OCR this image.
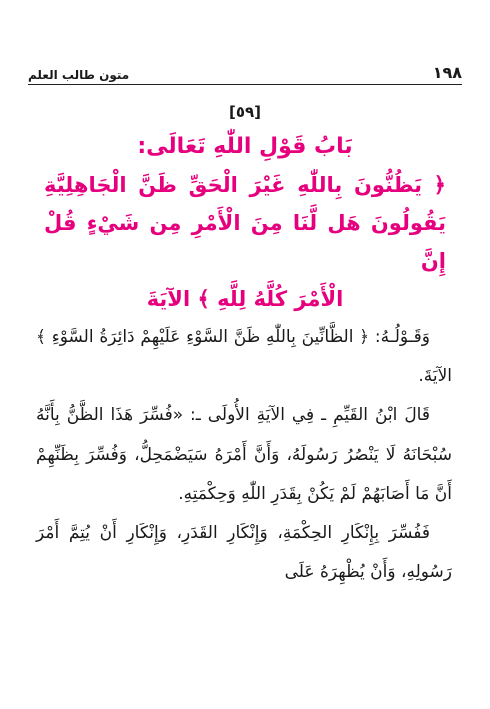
١٩٨
متون طالب العلم
[٥٩]
بَابُ قَوْلِ اللّٰهِ تَعَالَى:
﴿ يَظُنُّونَ بِاللّٰهِ غَيْرَ الْحَقِّ ظَنَّ الْجَاهِلِيَّةِ
يَقُولُونَ هَل لَّنَا مِنَ الْأَمْرِ مِن شَيْءٍ قُلْ إِنَّ
الْأَمْرَ كُلَّهُ لِلَّهِ ﴾ الآيَةَ

وَقَـوْلُـهُ: ﴿ الظَّانِّينَ بِاللّٰهِ ظَنَّ السَّوْءِ عَلَيْهِمْ دَائِرَةُ السَّوْءِ ﴾ الآيَةَ.

قَالَ ابْنُ القَيِّمِ ـ فِي الآيَةِ الأُولَى ـ: «فُسِّرَ هَذَا الظَّنُّ بِأَنَّهُ سُبْحَانَهُ لَا يَنْصُرُ رَسُولَهُ، وَأَنَّ أَمْرَهُ سَيَضْمَحِلُّ، وَفُسِّرَ بِظَنِّهِمْ أَنَّ مَا أَصَابَهُمْ لَمْ يَكُنْ بِقَدَرِ اللّٰهِ وَحِكْمَتِهِ.

فَفُسِّرَ بِإِنْكَارِ الحِكْمَةِ، وَإِنْكَارِ القَدَرِ، وَإِنْكَارِ أَنْ يُتِمَّ أَمْرَ رَسُولِهِ، وَأَنْ يُظْهِرَهُ عَلَى
